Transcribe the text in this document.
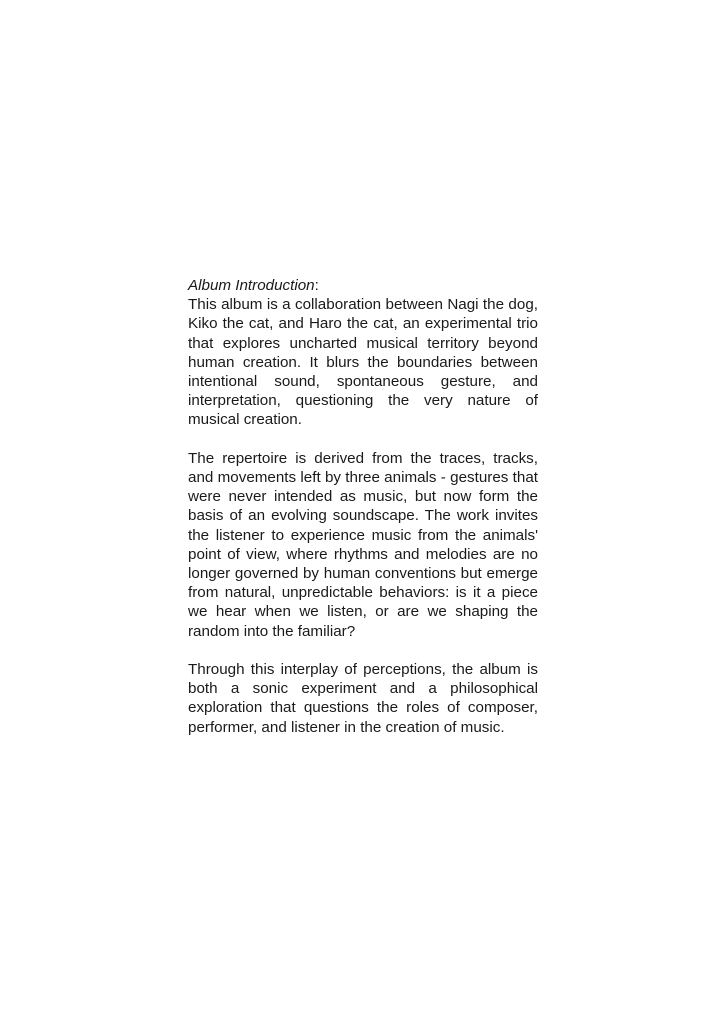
Album Introduction:

This album is a collaboration between Nagi the dog, Kiko the cat, and Haro the cat, an experimental trio that explores uncharted musical territory beyond human creation. It blurs the boundaries between intentional sound, spontaneous gesture, and interpretation, questioning the very nature of musical creation.

The repertoire is derived from the traces, tracks, and movements left by three animals - gestures that were never intended as music, but now form the basis of an evolving soundscape. The work invites the listener to experience music from the animals' point of view, where rhythms and melodies are no longer governed by human conventions but emerge from natural, unpredictable behaviors: is it a piece we hear when we listen, or are we shaping the random into the familiar?

Through this interplay of perceptions, the album is both a sonic experiment and a philosophical exploration that questions the roles of composer, performer, and listener in the creation of music.
